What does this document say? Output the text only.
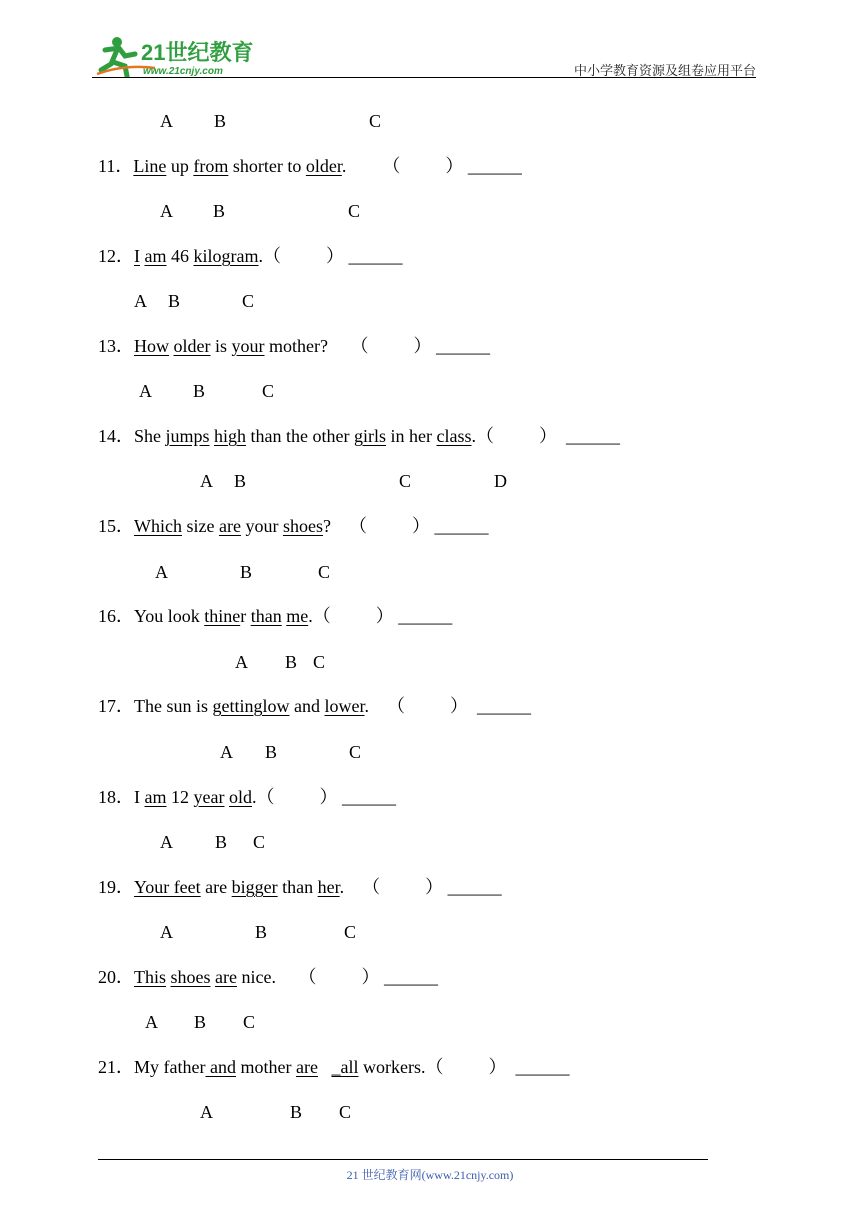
21世纪教育
www.21cnjy.com	中小学教育资源及组卷应用平台
A B	C
11．Line up from shorter to older.        （          ） ______
A B	C
12．I am 46 kilogram.（          ） ______
A B	C
13．How older is your mother?     （          ） ______
A B	C
14．She jumps high than the other girls in her class.（          ）  ______
A B	C	D
15．Which size are your shoes?    （          ） ______
A	B	C
16．You look thiner than me.（          ） ______
A B C
17．The sun is gettinglow and lower.    （          ）  ______
A B	C
18．I am 12 year old.（          ） ______
A B C
19．Your feet are bigger than her.    （          ） ______
A	B	C
20．This shoes are nice.     （          ） ______
A B C
21．My father and mother are _all workers.（          ）  ______
A	B C
21 世纪教育网(www.21cnjy.com)
